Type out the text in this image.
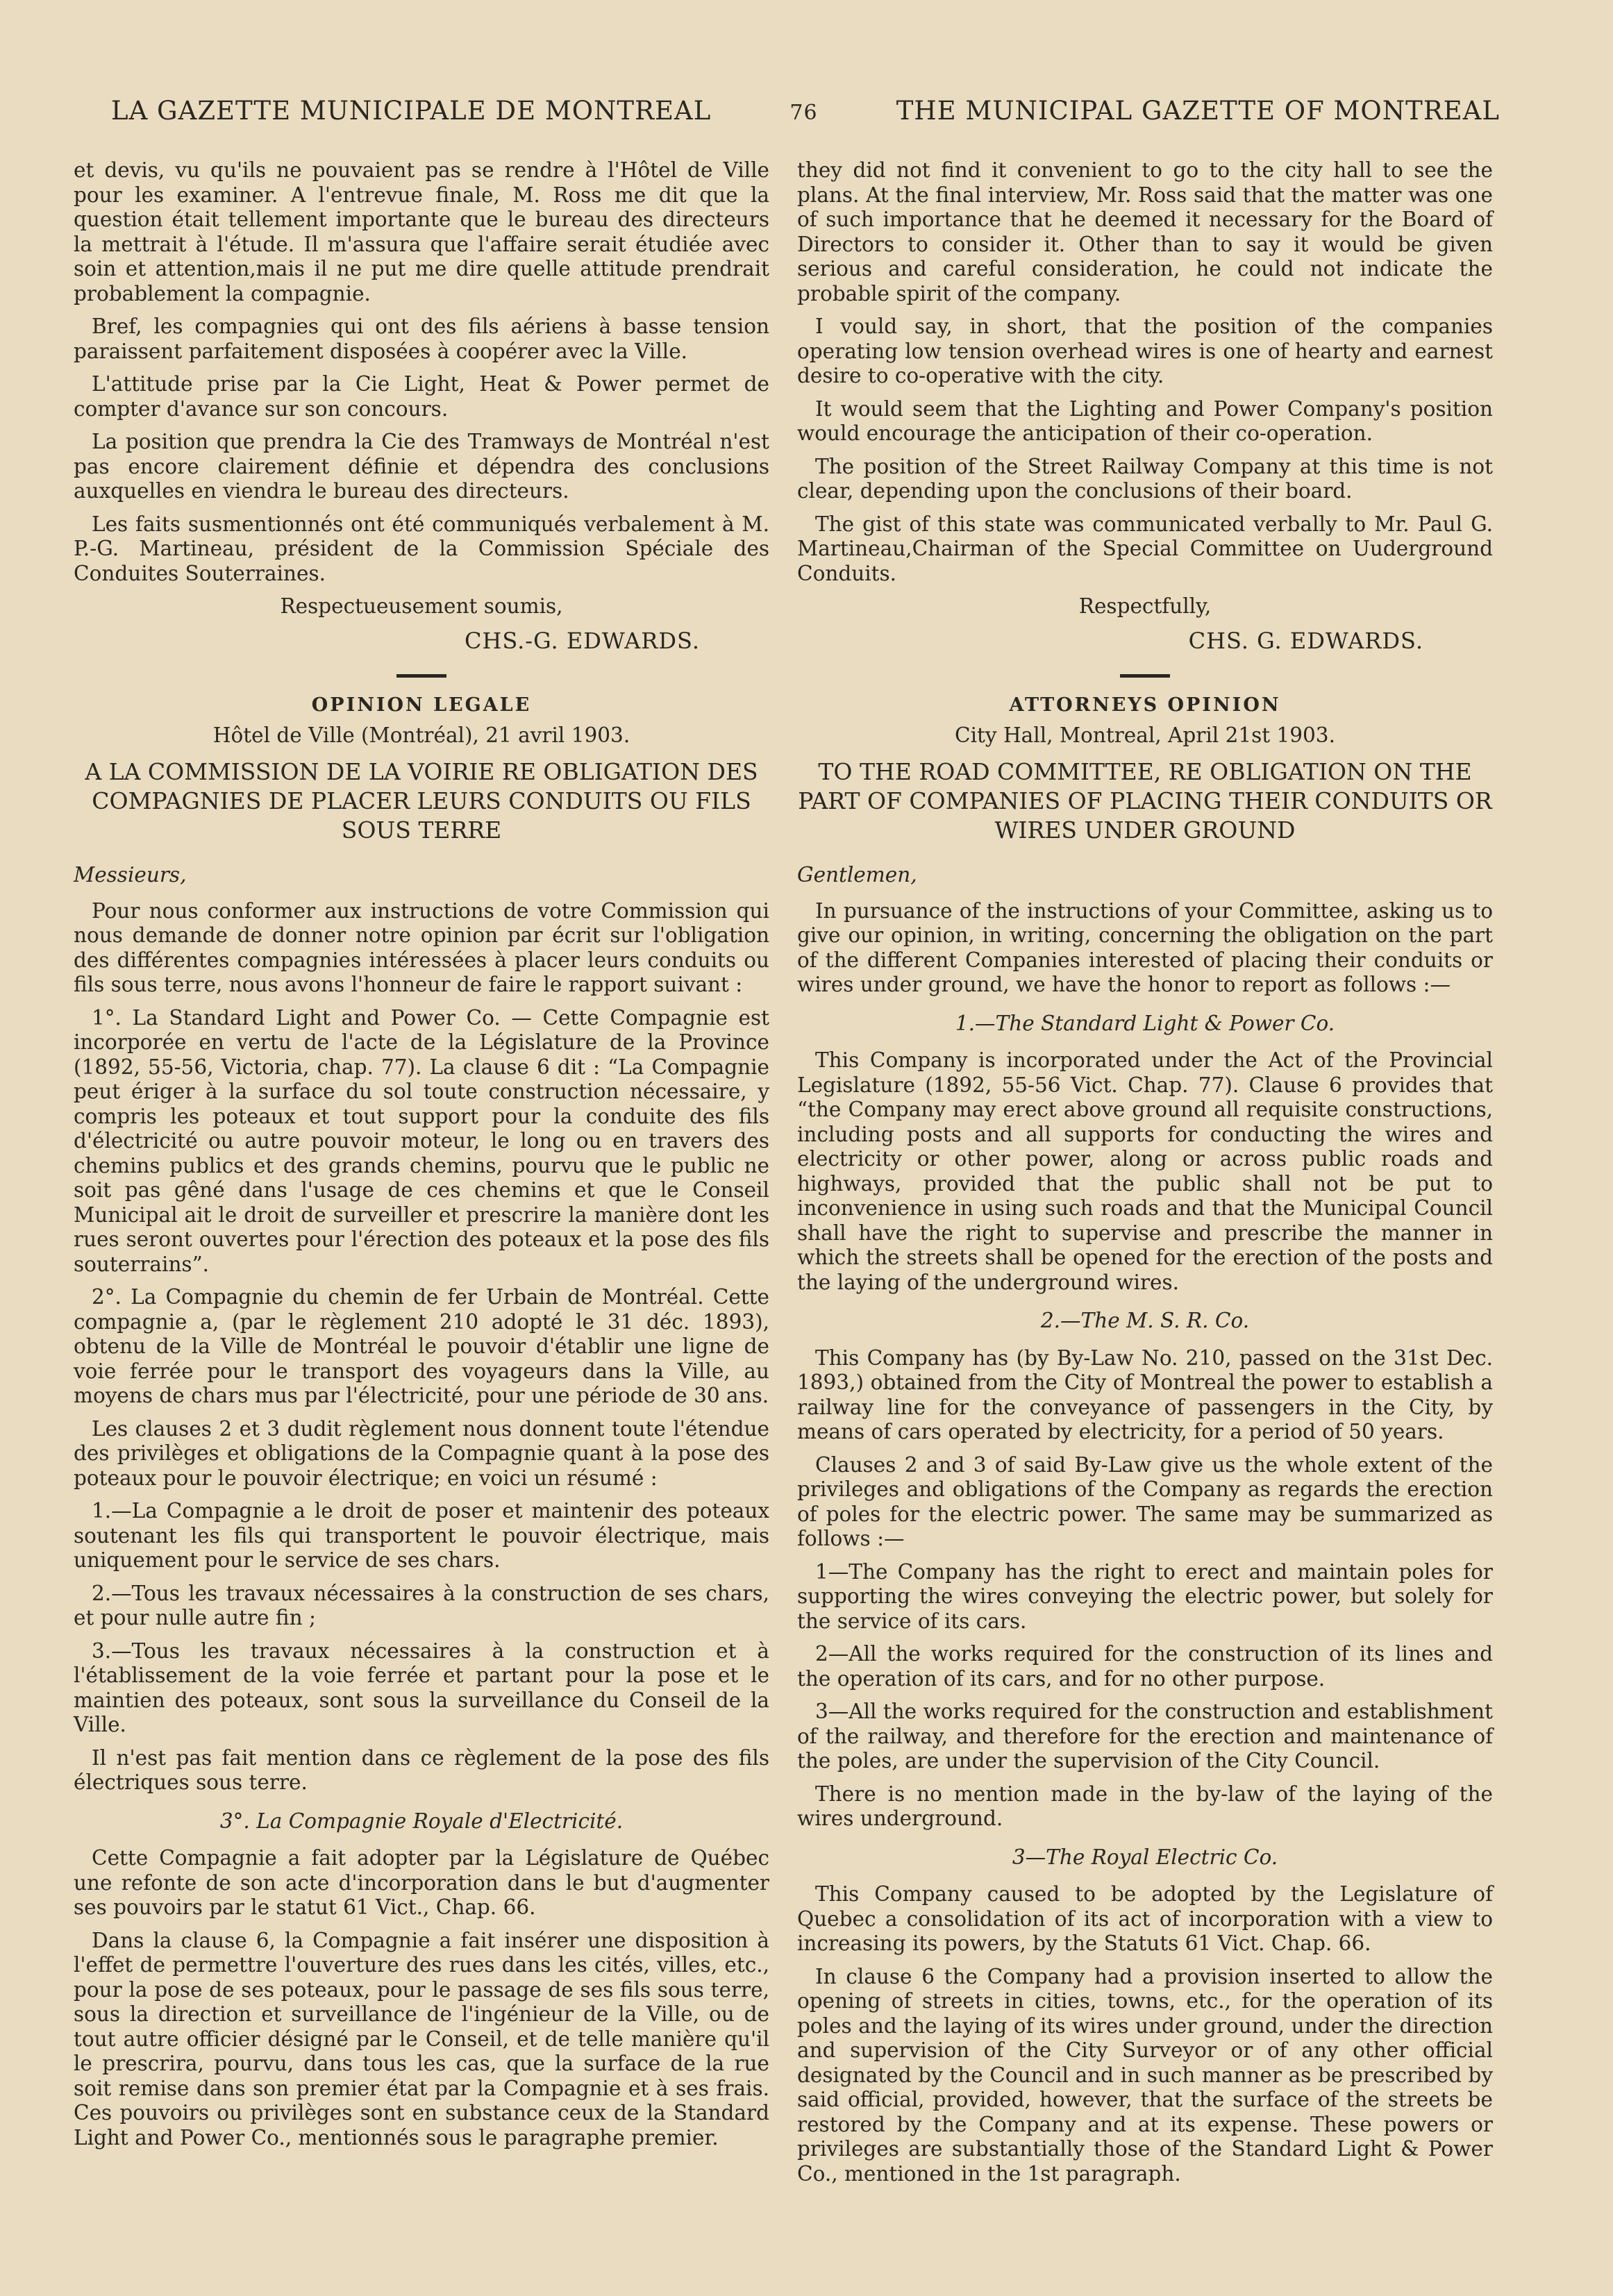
LA GAZETTE MUNICIPALE DE MONTREAL	76	THE MUNICIPAL GAZETTE OF MONTREAL

et devis, vu qu'ils ne pouvaient pas se rendre à l'Hôtel de Ville pour les examiner. A l'entrevue finale, M. Ross me dit que la question était tellement importante que le bureau des directeurs la mettrait à l'étude. Il m'assura que l'affaire serait étudiée avec soin et attention,mais il ne put me dire quelle attitude prendrait probablement la compagnie.

Bref, les compagnies qui ont des fils aériens à basse tension paraissent parfaitement disposées à coopérer avec la Ville.

L'attitude prise par la Cie Light, Heat & Power permet de compter d'avance sur son concours.

La position que prendra la Cie des Tramways de Montréal n'est pas encore clairement définie et dépendra des conclusions auxquelles en viendra le bureau des directeurs.

Les faits susmentionnés ont été communiqués verbalement à M. P.-G. Martineau, président de la Commission Spéciale des Conduites Souterraines.

Respectueusement soumis,
CHS.-G. EDWARDS.
OPINION LEGALE
Hôtel de Ville (Montréal), 21 avril 1903.
A LA COMMISSION DE LA VOIRIE RE OBLIGATION DES COMPAGNIES DE PLACER LEURS CONDUITS OU FILS SOUS TERRE
Messieurs,

Pour nous conformer aux instructions de votre Commission qui nous demande de donner notre opinion par écrit sur l'obligation des différentes compagnies intéressées à placer leurs conduits ou fils sous terre, nous avons l'honneur de faire le rapport suivant :

1°. La Standard Light and Power Co. — Cette Compagnie est incorporée en vertu de l'acte de la Législature de la Province (1892, 55-56, Victoria, chap. 77). La clause 6 dit : “La Compagnie peut ériger à la surface du sol toute construction nécessaire, y compris les poteaux et tout support pour la conduite des fils d'électricité ou autre pouvoir moteur, le long ou en travers des chemins publics et des grands chemins, pourvu que le public ne soit pas gêné dans l'usage de ces chemins et que le Conseil Municipal ait le droit de surveiller et prescrire la manière dont les rues seront ouvertes pour l'érection des poteaux et la pose des fils souterrains”.

2°. La Compagnie du chemin de fer Urbain de Montréal. Cette compagnie a, (par le règlement 210 adopté le 31 déc. 1893), obtenu de la Ville de Montréal le pouvoir d'établir une ligne de voie ferrée pour le transport des voyageurs dans la Ville, au moyens de chars mus par l'électricité, pour une période de 30 ans.

Les clauses 2 et 3 dudit règlement nous donnent toute l'étendue des privilèges et obligations de la Compagnie quant à la pose des poteaux pour le pouvoir électrique; en voici un résumé :

1.—La Compagnie a le droit de poser et maintenir des poteaux soutenant les fils qui transportent le pouvoir électrique, mais uniquement pour le service de ses chars.

2.—Tous les travaux nécessaires à la construction de ses chars, et pour nulle autre fin ;

3.—Tous les travaux nécessaires à la construction et à l'établissement de la voie ferrée et partant pour la pose et le maintien des poteaux, sont sous la surveillance du Conseil de la Ville.

Il n'est pas fait mention dans ce règlement de la pose des fils électriques sous terre.

3°. La Compagnie Royale d'Electricité.

Cette Compagnie a fait adopter par la Législature de Québec une refonte de son acte d'incorporation dans le but d'augmenter ses pouvoirs par le statut 61 Vict., Chap. 66.

Dans la clause 6, la Compagnie a fait insérer une disposition à l'effet de permettre l'ouverture des rues dans les cités, villes, etc., pour la pose de ses poteaux, pour le passage de ses fils sous terre, sous la direction et surveillance de l'ingénieur de la Ville, ou de tout autre officier désigné par le Conseil, et de telle manière qu'il le prescrira, pourvu, dans tous les cas, que la surface de la rue soit remise dans son premier état par la Compagnie et à ses frais. Ces pouvoirs ou privilèges sont en substance ceux de la Standard Light and Power Co., mentionnés sous le paragraphe premier.

they did not find it convenient to go to the city hall to see the plans. At the final interview, Mr. Ross said that the matter was one of such importance that he deemed it necessary for the Board of Directors to consider it. Other than to say it would be given serious and careful consideration, he could not indicate the probable spirit of the company.

I vould say, in short, that the position of the companies operating low tension overhead wires is one of hearty and earnest desire to co-operative with the city.

It would seem that the Lighting and Power Company's position would encourage the anticipation of their co-operation.

The position of the Street Railway Company at this time is not clear, depending upon the conclusions of their board.

The gist of this state was communicated verbally to Mr. Paul G. Martineau,Chairman of the Special Committee on Uuderground Conduits.

Respectfully,
CHS. G. EDWARDS.
ATTORNEYS OPINION
City Hall, Montreal, April 21st 1903.
TO THE ROAD COMMITTEE, RE OBLIGATION ON THE PART OF COMPANIES OF PLACING THEIR CONDUITS OR WIRES UNDER GROUND
Gentlemen,

In pursuance of the instructions of your Committee, asking us to give our opinion, in writing, concerning the obligation on the part of the different Companies interested of placing their conduits or wires under ground, we have the honor to report as follows :—

1.—The Standard Light & Power Co.

This Company is incorporated under the Act of the Provincial Legislature (1892, 55-56 Vict. Chap. 77). Clause 6 provides that “the Company may erect above ground all requisite constructions, including posts and all supports for conducting the wires and electricity or other power, along or across public roads and highways, provided that the public shall not be put to inconvenience in using such roads and that the Municipal Council shall have the right to supervise and prescribe the manner in which the streets shall be opened for the erection of the posts and the laying of the underground wires.

2.—The M. S. R. Co.

This Company has (by By-Law No. 210, passed on the 31st Dec. 1893,) obtained from the City of Montreal the power to establish a railway line for the conveyance of passengers in the City, by means of cars operated by electricity, for a period of 50 years.

Clauses 2 and 3 of said By-Law give us the whole extent of the privileges and obligations of the Company as regards the erection of poles for the electric power. The same may be summarized as follows :—

1—The Company has the right to erect and maintain poles for supporting the wires conveying the electric power, but solely for the service of its cars.

2—All the works required for the construction of its lines and the operation of its cars, and for no other purpose.

3—All the works required for the construction and establishment of the railway, and therefore for the erection and maintenance of the poles, are under the supervision of the City Council.

There is no mention made in the by-law of the laying of the wires underground.

3—The Royal Electric Co.

This Company caused to be adopted by the Legislature of Quebec a consolidation of its act of incorporation with a view to increasing its powers, by the Statuts 61 Vict. Chap. 66.

In clause 6 the Company had a provision inserted to allow the opening of streets in cities, towns, etc., for the operation of its poles and the laying of its wires under ground, under the direction and supervision of the City Surveyor or of any other official designated by the Council and in such manner as be prescribed by said official, provided, however, that the surface of the streets be restored by the Company and at its expense. These powers or privileges are substantially those of the Standard Light & Power Co., mentioned in the 1st paragraph.
